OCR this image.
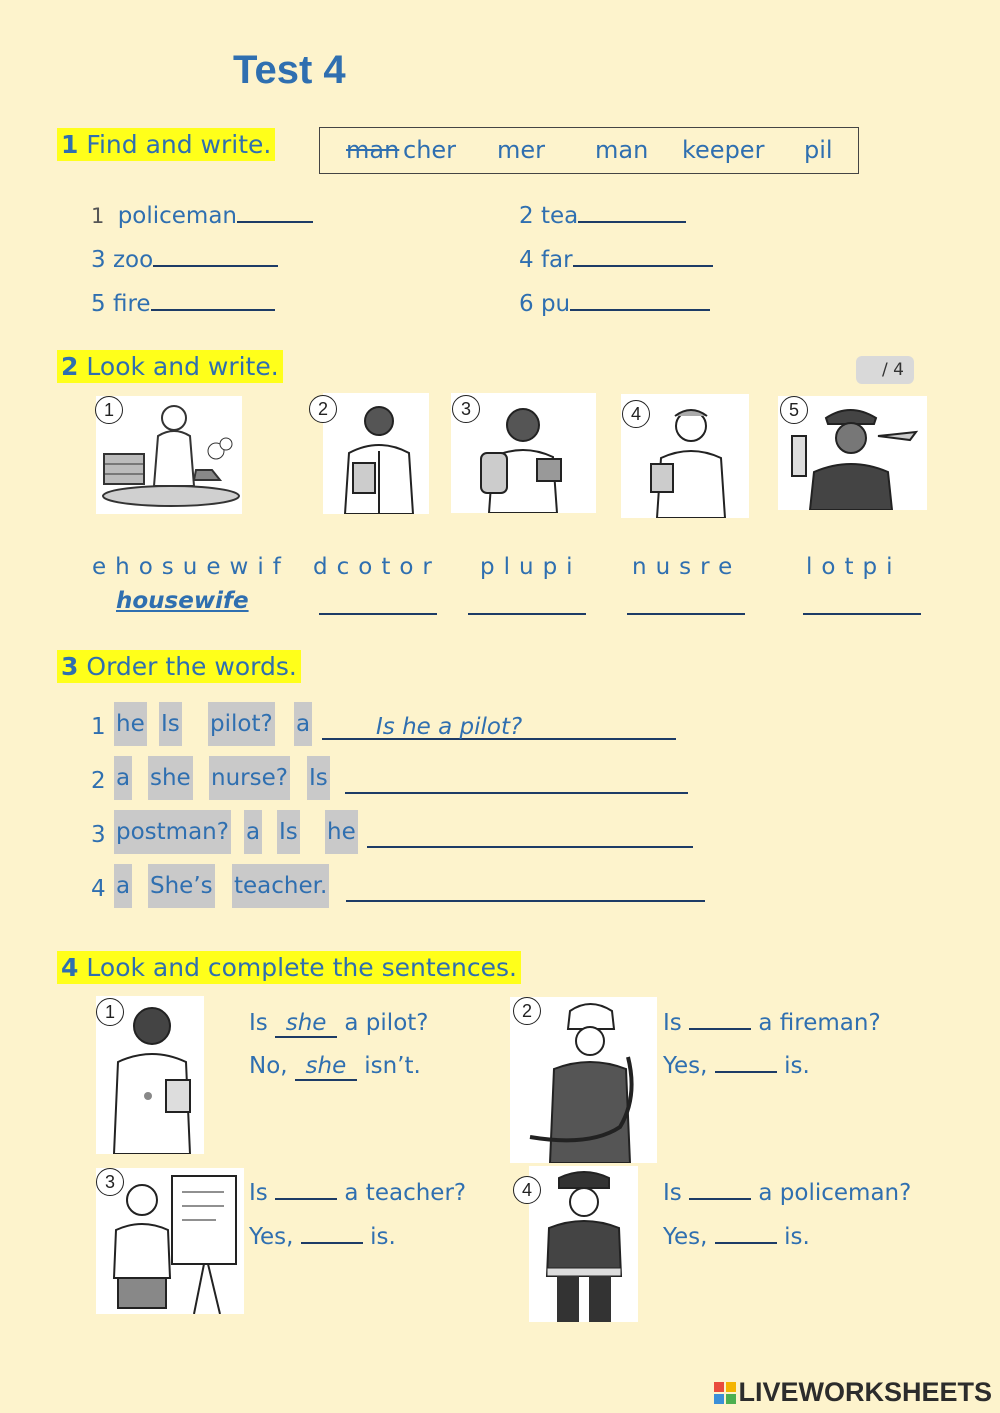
Test 4
1 Find and write.	man cher mer man keeper pil
1 policeman	2 tea
3 zoo	4 far
5 fire	6 pu
2 Look and write.	/ 4
1	2	3	4	5
ehosuewif dcotor plupi nusre	lotpi
housewife
3 Order the words.
1 he Is pilot? a	Is he a pilot?
2 a she nurse? Is
3 postman? a Is he
4 a She’s teacher.
4 Look and complete the sentences.
1	2
3	4
Is she a pilot?
No, she isn’t.
Is	a fireman?
Yes,	is.
Is	a teacher?
Yes,	is.
Is	a policeman?
Yes,	is.
LIVEWORKSHEETS
